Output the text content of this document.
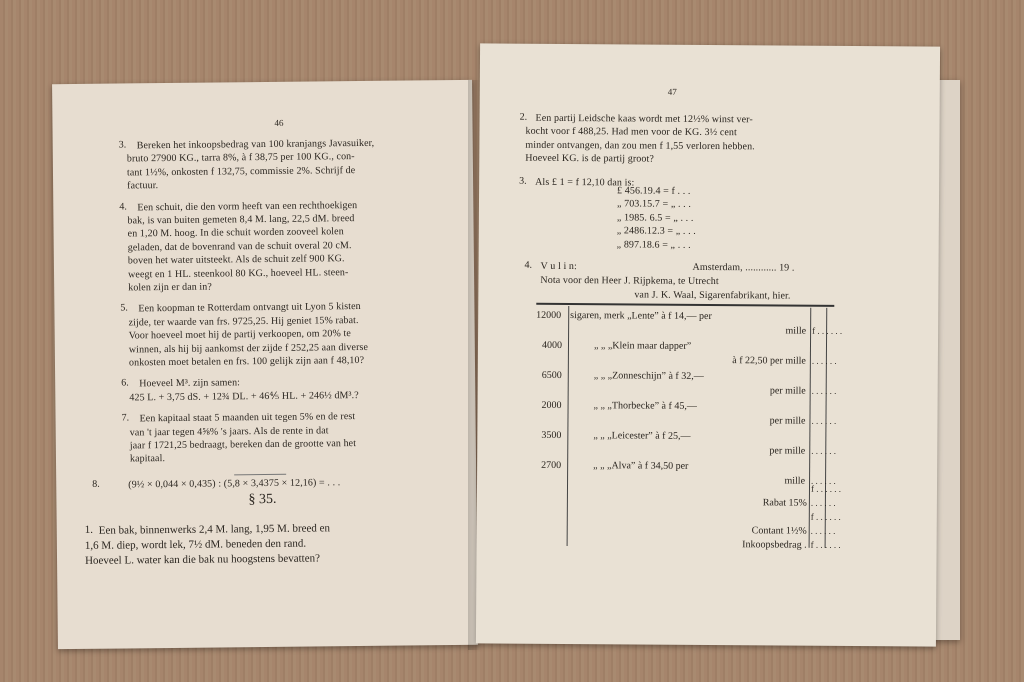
46
3. Bereken het inkoopsbedrag van 100 kranjangs Javasuiker,
bruto 27900 KG., tarra 8%, à f 38,75 per 100 KG., con-
tant 1½%, onkosten f 132,75, commissie 2%. Schrijf de
factuur.
4. Een schuit, die den vorm heeft van een rechthoekigen
bak, is van buiten gemeten 8,4 M. lang, 22,5 dM. breed
en 1,20 M. hoog. In die schuit worden zooveel kolen
geladen, dat de bovenrand van de schuit overal 20 cM.
boven het water uitsteekt. Als de schuit zelf 900 KG.
weegt en 1 HL. steenkool 80 KG., hoeveel HL. steen-
kolen zijn er dan in?
5. Een koopman te Rotterdam ontvangt uit Lyon 5 kisten
zijde, ter waarde van frs. 9725,25. Hij geniet 15% rabat.
Voor hoeveel moet hij de partij verkoopen, om 20% te
winnen, als hij bij aankomst der zijde f 252,25 aan diverse
onkosten moet betalen en frs. 100 gelijk zijn aan f 48,10?
6. Hoeveel M³. zijn samen:
425 L. + 3,75 dS. + 12¾ DL. + 46⅘ HL. + 246½ dM³.?
7. Een kapitaal staat 5 maanden uit tegen 5% en de rest
van 't jaar tegen 4⅝% 's jaars. Als de rente in dat
jaar f 1721,25 bedraagt, bereken dan de grootte van het
kapitaal.
8.	(9½ × 0,044 × 0,435) : (5,8 × 3,4375 × 12,16) = . . .
§ 35.
1. Een bak, binnenwerks 2,4 M. lang, 1,95 M. breed en
1,6 M. diep, wordt lek, 7½ dM. beneden den rand.
Hoeveel L. water kan die bak nu hoogstens bevatten?
47
2. Een partij Leidsche kaas wordt met 12½% winst ver-
kocht voor f 488,25. Had men voor de KG. 3½ cent
minder ontvangen, dan zou men f 1,55 verloren hebben.
Hoeveel KG. is de partij groot?
3. Als £ 1 = f 12,10 dan is:
£ 456.19.4 = f . . .
„ 703.15.7 = „ . . .
„ 1985. 6.5 = „ . . .
„ 2486.12.3 = „ . . .
„ 897.18.6 = „ . . .
4. V u l i n:	Amsterdam, ............ 19 .
Nota voor den Heer J. Rijpkema, te Utrecht
van J. K. Waal, Sigarenfabrikant, hier.
12000 sigaren, merk „Lente” à f 14,— per
mille f . . . . . .
4000	„ „ „Klein maar dapper”
à f 22,50 per mille . . . . . .
6500	„ „ „Zonneschijn” à f 32,—
per mille . . . . . .
2000	„ „ „Thorbecke” à f 45,—
per mille . . . . . .
3500	„ „ „Leicester” à f 25,—
per mille . . . . . .
2700	„ „ „Alva” à f 34,50 per
mille . . . . . .
f . . . . . .
Rabat 15% . . . . . .
f . . . . . .
Contant 1½% . . . . . .
Inkoopsbedrag . f . . . . . .
